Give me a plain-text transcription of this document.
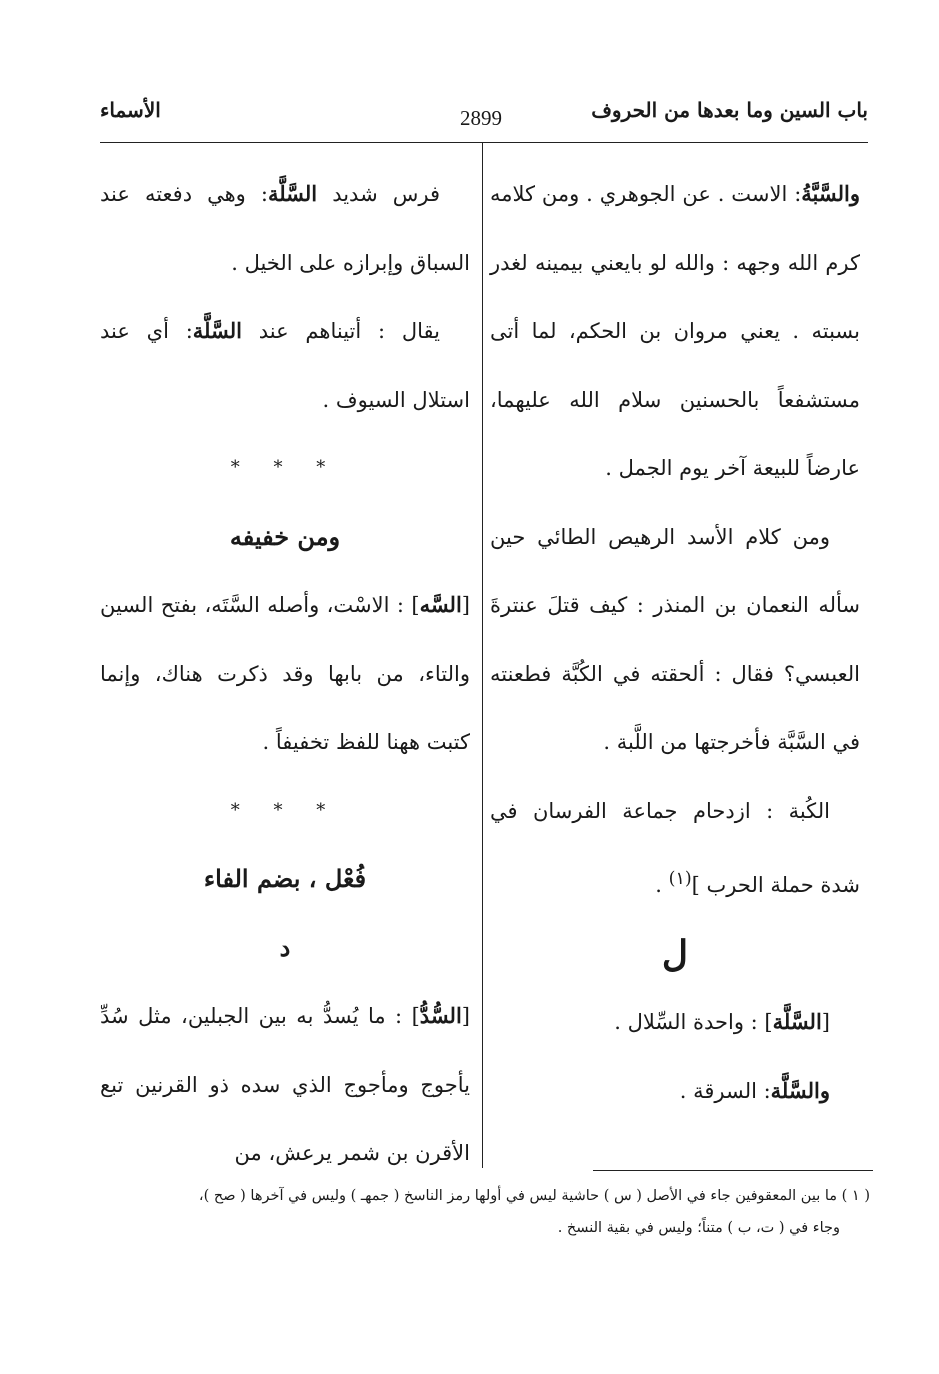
باب السين وما بعدها من الحروف
2899
الأسماء

والسَّبَّةُ: الاست . عن الجوهري . ومن كلامه كرم الله وجهه : والله لو بايعني بيمينه لغدر بسبته . يعني مروان بن الحكم، لما أتى مستشفعاً بالحسنين سلام الله عليهما، عارضاً للبيعة آخر يوم الجمل .

ومن كلام الأسد الرهيص الطائي حين سأله النعمان بن المنذر : كيف قتلَ عنترةَ العبسي؟ فقال : ألحقته في الكُبَّة فطعنته في السَّبَّة فأخرجتها من اللَّبة .

الكُبة : ازدحام جماعة الفرسان في شدة حملة الحرب ]$^{(١)}$ .

ل

[السَّلَّة] : واحدة السِّلال .

والسَّلَّة: السرقة .

فرس شديد السَّلَّة: وهي دفعته عند السباق وإبرازه على الخيل .

يقال : أتيناهم عند السَّلَّة: أي عند استلال السيوف .

* * *
ومن خفيفه

[السَّه] : الاسْت، وأصله السَّتَه، بفتح السين والتاء، من بابها وقد ذكرت هناك، وإنما كتبت ههنا للفظ تخفيفاً .

* * *
فُعْل ، بضم الفاء
د

[السُّدُّ] : ما يُسدُّ به بين الجبلين، مثل سُدِّ يأجوج ومأجوج الذي سده ذو القرنين تبع الأقرن بن شمر يرعش، من

( ١ ) ما بين المعقوفين جاء في الأصل ( س ) حاشية ليس في أولها رمز الناسخ ( جمهـ ) وليس في آخرها ( صح )،

وجاء في ( ت، ب ) متناً؛ وليس في بقية النسخ .
